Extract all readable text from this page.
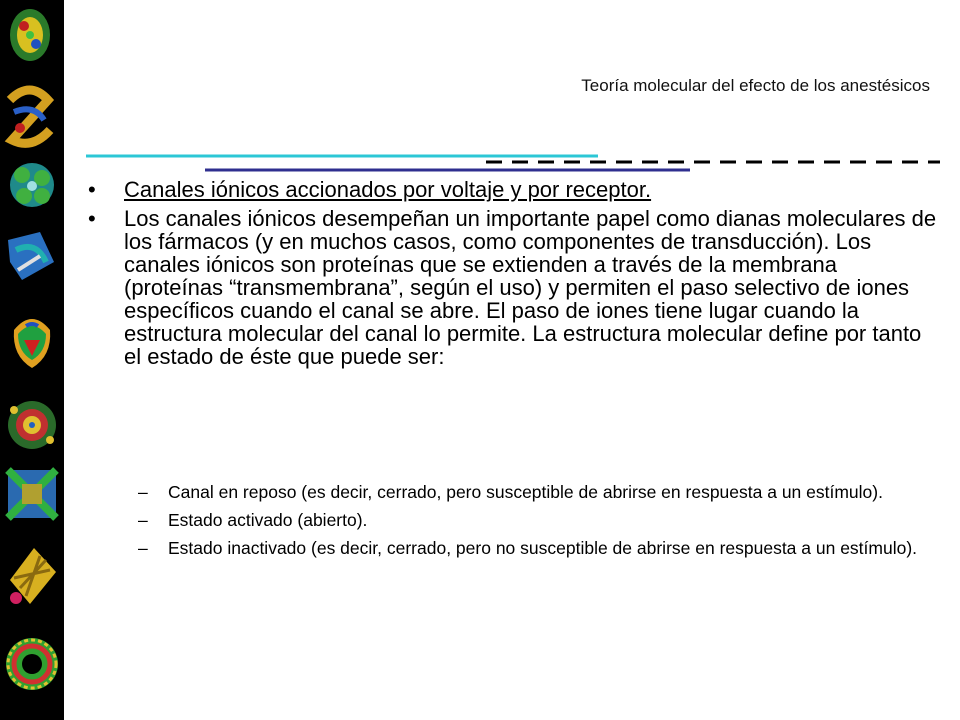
Teoría molecular del efecto de los anestésicos
• Canales iónicos accionados por voltaje y por receptor.
• Los canales iónicos desempeñan un importante papel como dianas moleculares de los fármacos (y en muchos casos, como componentes de transducción). Los canales iónicos son proteínas que se extienden a través de la membrana (proteínas “transmembrana”, según el uso) y permiten el paso selectivo de iones específicos cuando el canal se abre. El paso de iones tiene lugar cuando la estructura molecular del canal lo permite. La estructura molecular define por tanto el estado de éste que puede ser:
– Canal en reposo (es decir, cerrado, pero susceptible de abrirse en respuesta a un estímulo).
– Estado activado (abierto).
– Estado inactivado (es decir, cerrado, pero no susceptible de abrirse en respuesta a un estímulo).
